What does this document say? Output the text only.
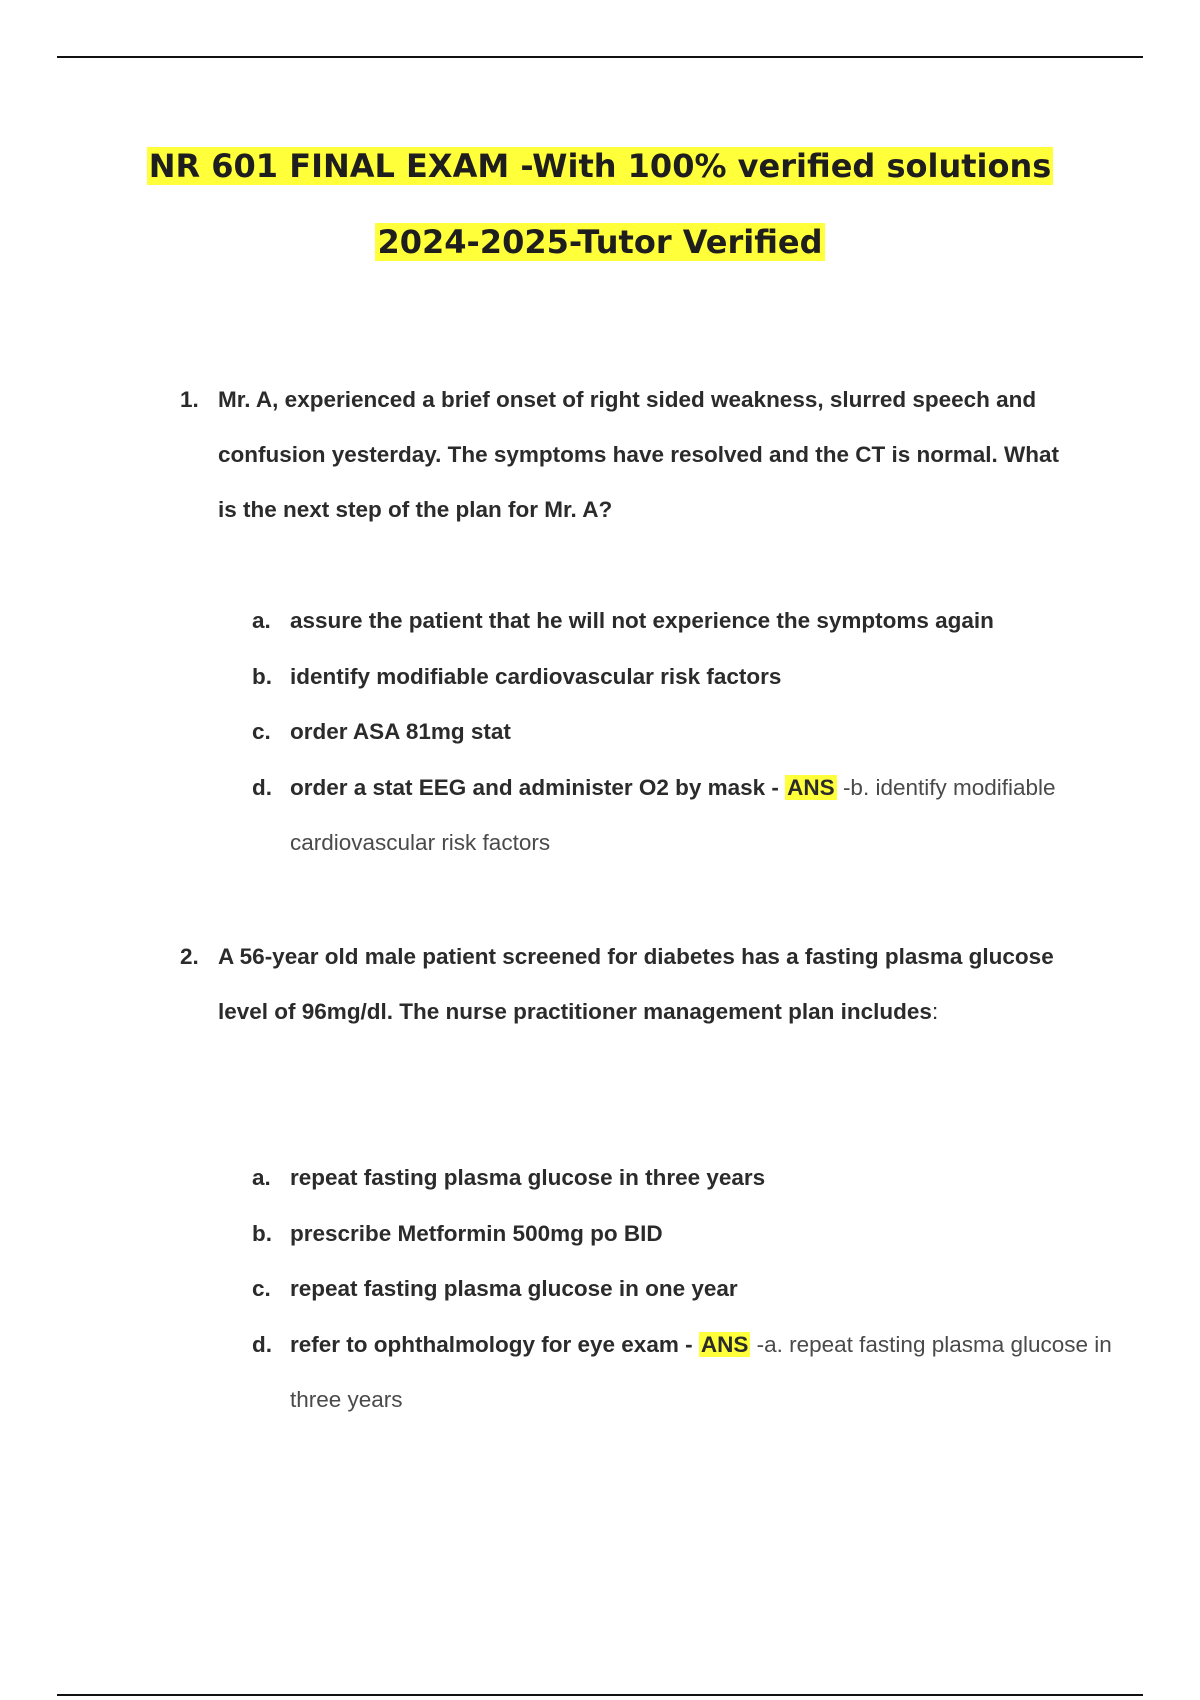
NR 601 FINAL EXAM -With 100% verified solutions
2024-2025-Tutor Verified
1. Mr. A, experienced a brief onset of right sided weakness, slurred speech and confusion yesterday. The symptoms have resolved and the CT is normal. What is the next step of the plan for Mr. A?
a. assure the patient that he will not experience the symptoms again
b. identify modifiable cardiovascular risk factors
c. order ASA 81mg stat
d. order a stat EEG and administer O2 by mask - ANS -b. identify modifiable cardiovascular risk factors
2. A 56-year old male patient screened for diabetes has a fasting plasma glucose level of 96mg/dl. The nurse practitioner management plan includes:
a. repeat fasting plasma glucose in three years
b. prescribe Metformin 500mg po BID
c. repeat fasting plasma glucose in one year
d. refer to ophthalmology for eye exam - ANS -a. repeat fasting plasma glucose in three years
